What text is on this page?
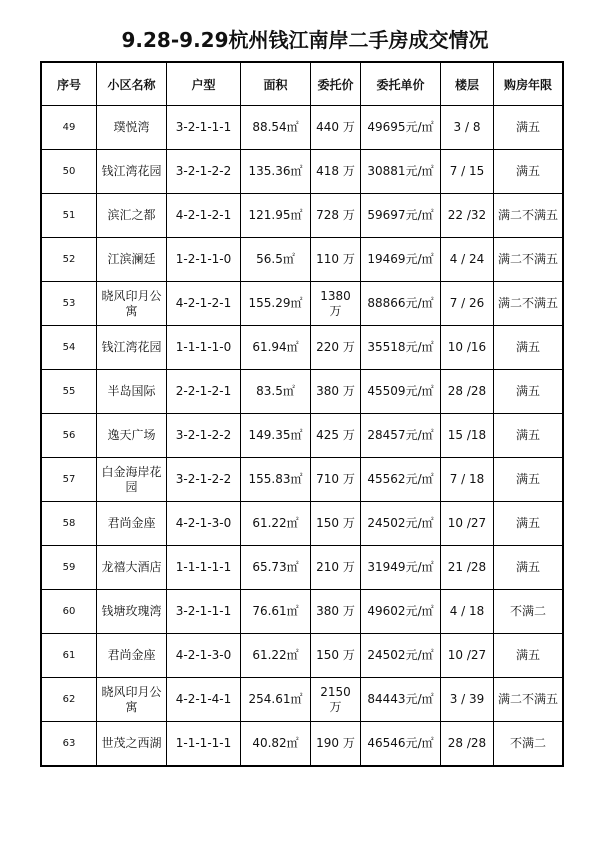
9.28-9.29杭州钱江南岸二手房成交情况
序号	小区名称	户型	面积	委托价	委托单价	楼层	购房年限
49	璞悦湾	3-2-1-1-1	88.54㎡	440 万	49695元/㎡	3 / 8	满五
50	钱江湾花园	3-2-1-2-2	135.36㎡	418 万	30881元/㎡	7 / 15	满五
51	滨汇之都	4-2-1-2-1	121.95㎡	728 万	59697元/㎡	22 /32	满二不满五
52	江滨澜廷	1-2-1-1-0	56.5㎡	110 万	19469元/㎡	4 / 24	满二不满五
53	晓风印月公寓	4-2-1-2-1	155.29㎡	1380 万	88866元/㎡	7 / 26	满二不满五
54	钱江湾花园	1-1-1-1-0	61.94㎡	220 万	35518元/㎡	10 /16	满五
55	半岛国际	2-2-1-2-1	83.5㎡	380 万	45509元/㎡	28 /28	满五
56	逸天广场	3-2-1-2-2	149.35㎡	425 万	28457元/㎡	15 /18	满五
57	白金海岸花园	3-2-1-2-2	155.83㎡	710 万	45562元/㎡	7 / 18	满五
58	君尚金座	4-2-1-3-0	61.22㎡	150 万	24502元/㎡	10 /27	满五
59	龙禧大酒店	1-1-1-1-1	65.73㎡	210 万	31949元/㎡	21 /28	满五
60	钱塘玫瑰湾	3-2-1-1-1	76.61㎡	380 万	49602元/㎡	4 / 18	不满二
61	君尚金座	4-2-1-3-0	61.22㎡	150 万	24502元/㎡	10 /27	满五
62	晓风印月公寓	4-2-1-4-1	254.61㎡	2150 万	84443元/㎡	3 / 39	满二不满五
63	世茂之西湖	1-1-1-1-1	40.82㎡	190 万	46546元/㎡	28 /28	不满二
